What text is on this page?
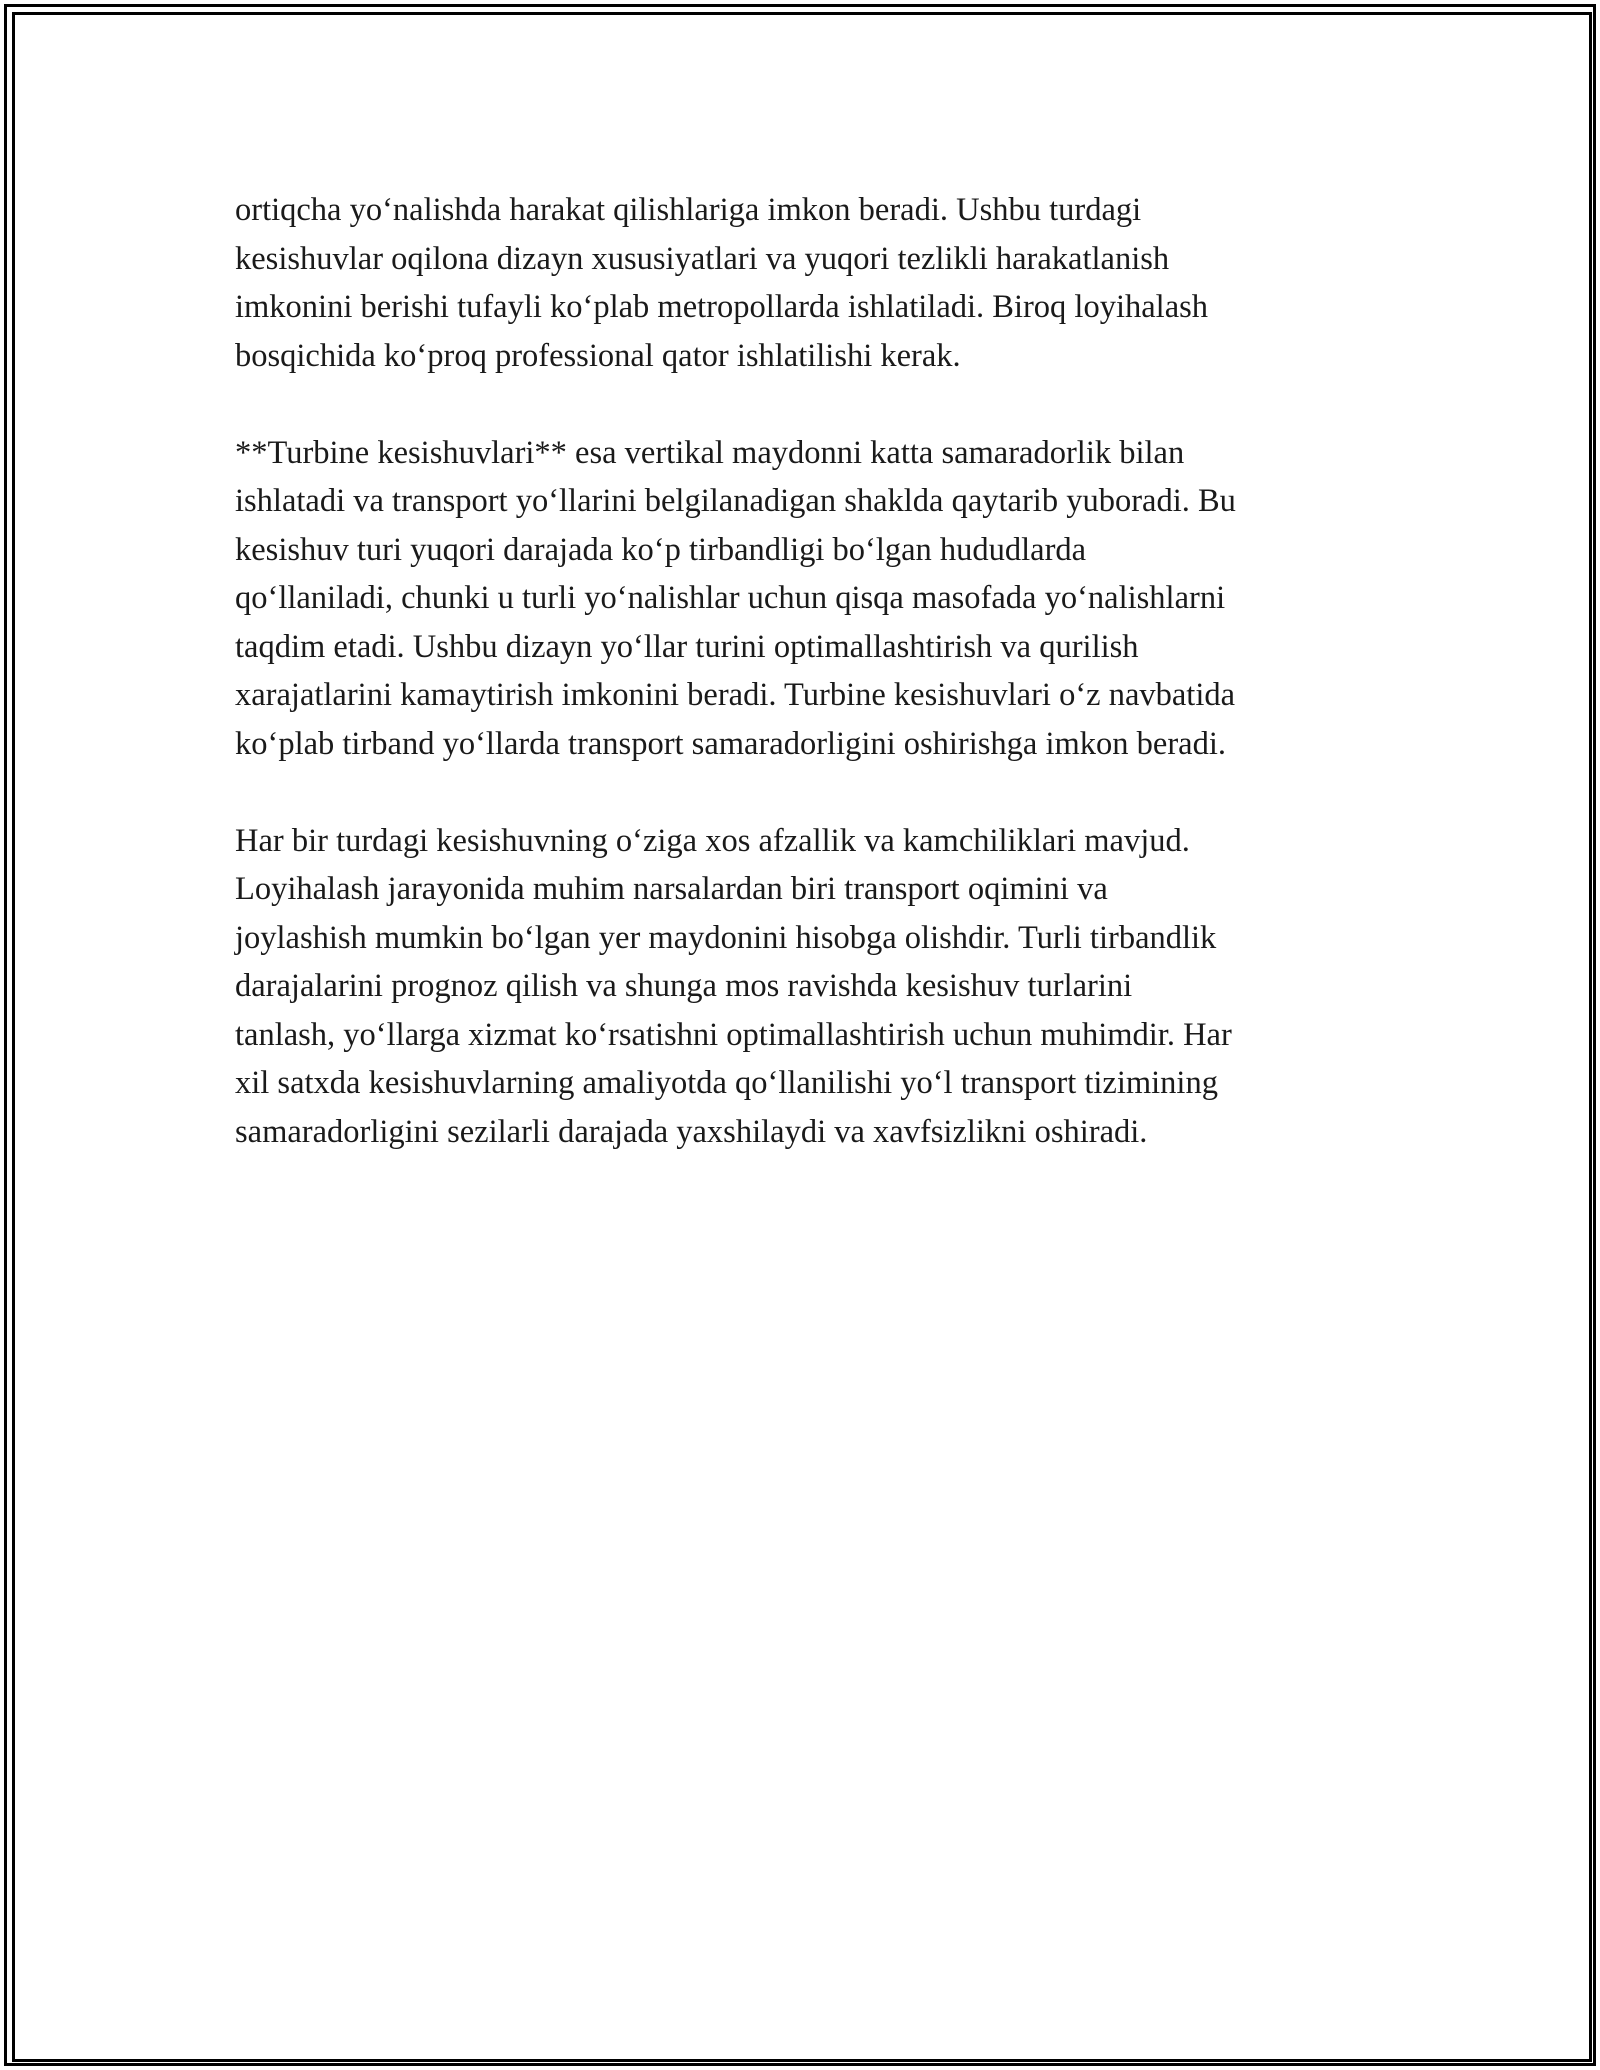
ortiqcha yo‘nalishda harakat qilishlariga imkon beradi. Ushbu turdagi
kesishuvlar oqilona dizayn xususiyatlari va yuqori tezlikli harakatlanish
imkonini berishi tufayli ko‘plab metropollarda ishlatiladi. Biroq loyihalash
bosqichida ko‘proq professional qator ishlatilishi kerak.

**Turbine kesishuvlari** esa vertikal maydonni katta samaradorlik bilan
ishlatadi va transport yo‘llarini belgilanadigan shaklda qaytarib yuboradi. Bu
kesishuv turi yuqori darajada ko‘p tirbandligi bo‘lgan hududlarda
qo‘llaniladi, chunki u turli yo‘nalishlar uchun qisqa masofada yo‘nalishlarni
taqdim etadi. Ushbu dizayn yo‘llar turini optimallashtirish va qurilish
xarajatlarini kamaytirish imkonini beradi. Turbine kesishuvlari o‘z navbatida
ko‘plab tirband yo‘llarda transport samaradorligini oshirishga imkon beradi.

Har bir turdagi kesishuvning o‘ziga xos afzallik va kamchiliklari mavjud.
Loyihalash jarayonida muhim narsalardan biri transport oqimini va
joylashish mumkin bo‘lgan yer maydonini hisobga olishdir. Turli tirbandlik
darajalarini prognoz qilish va shunga mos ravishda kesishuv turlarini
tanlash, yo‘llarga xizmat ko‘rsatishni optimallashtirish uchun muhimdir. Har
xil satxda kesishuvlarning amaliyotda qo‘llanilishi yo‘l transport tizimining
samaradorligini sezilarli darajada yaxshilaydi va xavfsizlikni oshiradi.
